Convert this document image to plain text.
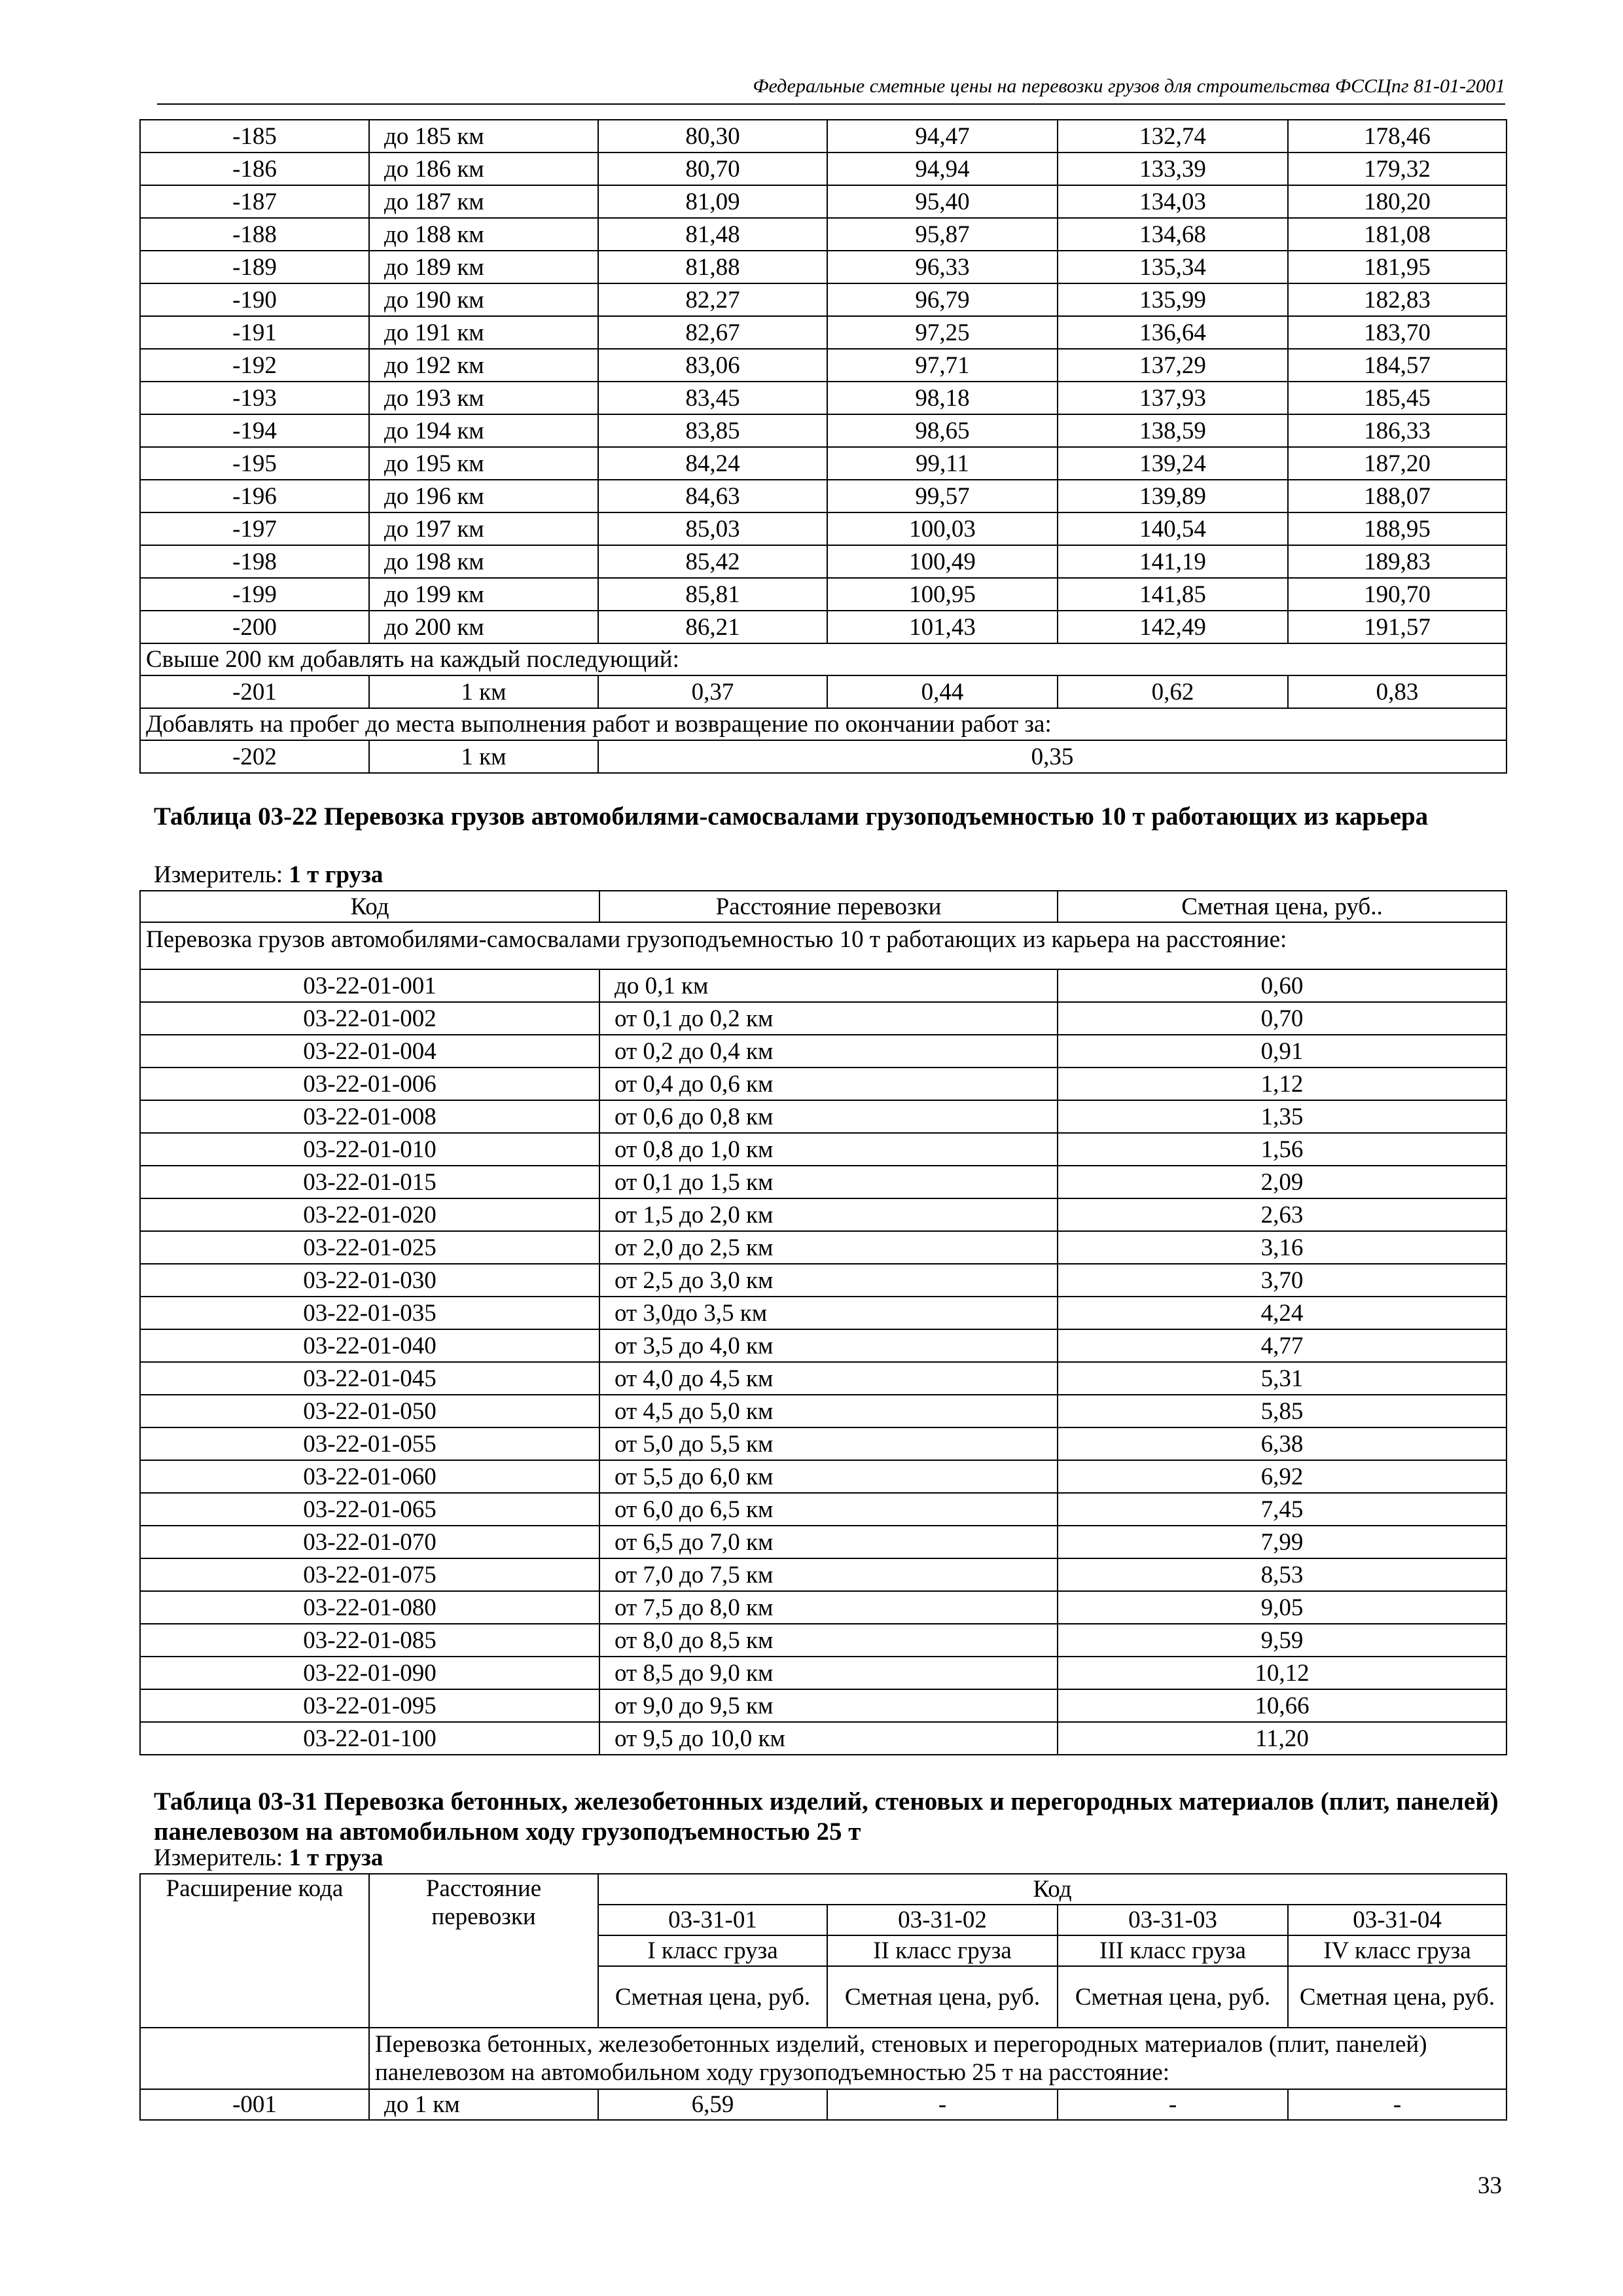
Федеральные сметные цены на перевозки грузов для строительства ФССЦпг 81-01-2001
-185	до 185 км	80,30	94,47	132,74	178,46
-186	до 186 км	80,70	94,94	133,39	179,32
-187	до 187 км	81,09	95,40	134,03	180,20
-188	до 188 км	81,48	95,87	134,68	181,08
-189	до 189 км	81,88	96,33	135,34	181,95
-190	до 190 км	82,27	96,79	135,99	182,83
-191	до 191 км	82,67	97,25	136,64	183,70
-192	до 192 км	83,06	97,71	137,29	184,57
-193	до 193 км	83,45	98,18	137,93	185,45
-194	до 194 км	83,85	98,65	138,59	186,33
-195	до 195 км	84,24	99,11	139,24	187,20
-196	до 196 км	84,63	99,57	139,89	188,07
-197	до 197 км	85,03	100,03	140,54	188,95
-198	до 198 км	85,42	100,49	141,19	189,83
-199	до 199 км	85,81	100,95	141,85	190,70
-200	до 200 км	86,21	101,43	142,49	191,57
Свыше 200 км добавлять на каждый последующий:					
-201	1 км	0,37	0,44	0,62	0,83
Добавлять на пробег до места выполнения работ и возвращение по окончании работ за:					
-202	1 км	0,35			
Таблица 03-22 Перевозка грузов автомобилями-самосвалами грузоподъемностью 10 т работающих из карьера
Измеритель: 1 т груза
Код	Расстояние перевозки	Сметная цена, руб..
Перевозка грузов автомобилями-самосвалами грузоподъемностью 10 т работающих из карьера на расстояние:		
03-22-01-001	до 0,1 км	0,60
03-22-01-002	от 0,1 до 0,2 км	0,70
03-22-01-004	от 0,2 до 0,4 км	0,91
03-22-01-006	от 0,4 до 0,6 км	1,12
03-22-01-008	от 0,6 до 0,8 км	1,35
03-22-01-010	от 0,8 до 1,0 км	1,56
03-22-01-015	от 0,1 до 1,5 км	2,09
03-22-01-020	от 1,5 до 2,0 км	2,63
03-22-01-025	от 2,0 до 2,5 км	3,16
03-22-01-030	от 2,5 до 3,0 км	3,70
03-22-01-035	от 3,0до 3,5 км	4,24
03-22-01-040	от 3,5 до 4,0 км	4,77
03-22-01-045	от 4,0 до 4,5 км	5,31
03-22-01-050	от 4,5 до 5,0 км	5,85
03-22-01-055	от 5,0 до 5,5 км	6,38
03-22-01-060	от 5,5 до 6,0 км	6,92
03-22-01-065	от 6,0 до 6,5 км	7,45
03-22-01-070	от 6,5 до 7,0 км	7,99
03-22-01-075	от 7,0 до 7,5 км	8,53
03-22-01-080	от 7,5 до 8,0 км	9,05
03-22-01-085	от 8,0 до 8,5 км	9,59
03-22-01-090	от 8,5 до 9,0 км	10,12
03-22-01-095	от 9,0 до 9,5 км	10,66
03-22-01-100	от 9,5 до 10,0 км	11,20
Таблица 03-31 Перевозка бетонных, железобетонных изделий, стеновых и перегородных материалов (плит, панелей) панелевозом на автомобильном ходу грузоподъемностью 25 т
Измеритель: 1 т груза
Расширение кода	Расстояние перевозки	Код			
		03-31-01	03-31-02	03-31-03	03-31-04
		I класс груза	II класс груза	III класс груза	IV класс груза
		Сметная цена, руб.	Сметная цена, руб.	Сметная цена, руб.	Сметная цена, руб.
	Перевозка бетонных, железобетонных изделий, стеновых и перегородных материалов (плит, панелей) панелевозом на автомобильном ходу грузоподъемностью 25 т на расстояние:				
-001	до 1 км	6,59	-	-	-
33
